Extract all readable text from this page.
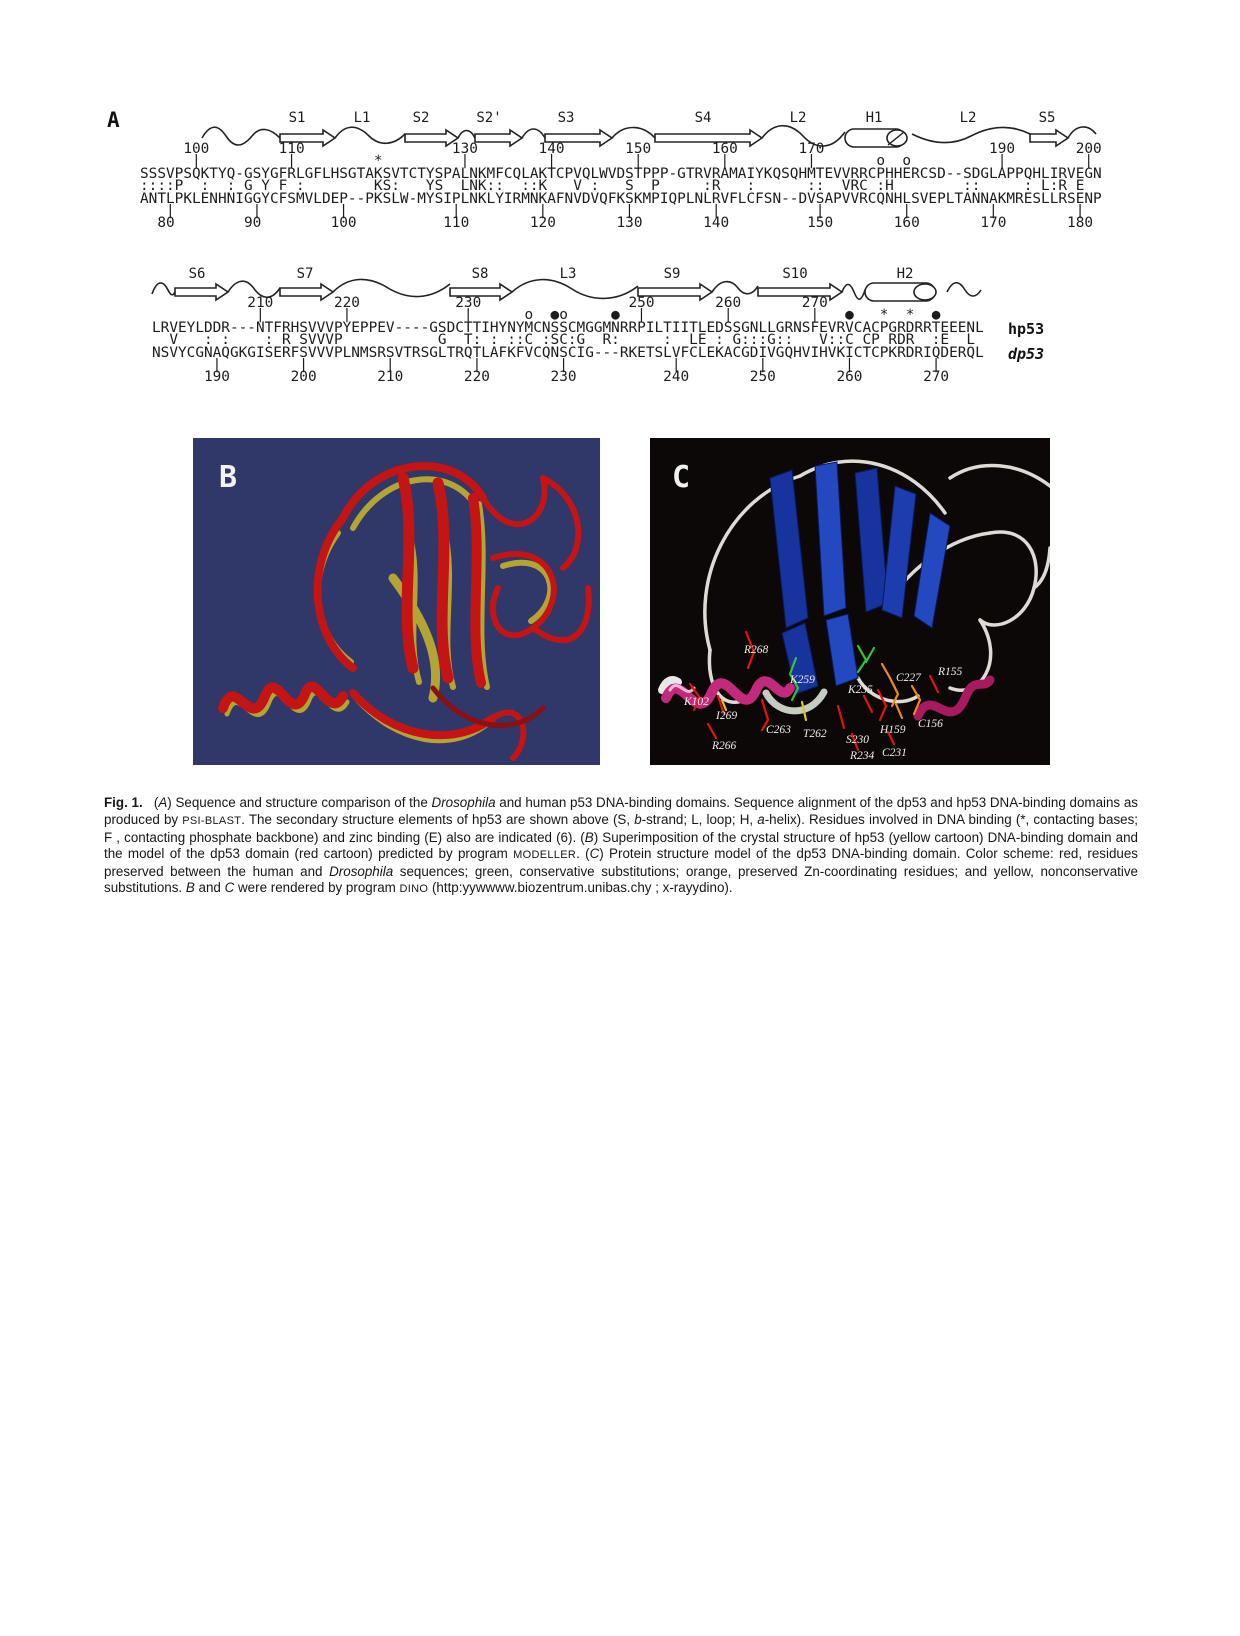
A	S1	L1	S2	S2'	S3	S4	L2	H1	L2	S5
100        110                 130       140       150       160       170                   190       200
|          |         *         |         |         |         |         |       o  o          |         |
SSSVPSQKTYQ-GSYGFRLGFLHSGTAKSVTCTYSPALNKMFCQLAKTCPVQLWVDSTPPP-GTRVRAMAIYKQSQHMTEVVRRCPHHERCSD--SDGLAPPQHLIRVEGN
::::P  :  : G Y F :        KS:   YS  LNK::  ::K   V :   S  P     :R   :      ::  VRC :H        ::     : L:R E
ANTLPKLENHNIGGYCFSMVLDEP--PKSLW-MYSIPLNKLYIRMNKAFNVDVQFKSKMPIQPLNLRVFLCFSN--DVSAPVVRCQNHLSVEPLTANNAKMRESLLRSENP
|         |         |            |         |         |         |           |         |         |         |
80        90        100          110       120       130       140         150       160       170       180
S6	S7	S8	L3	S9	S10	H2
210       220           230                 250       260       270
|         |             |      o  ●o     ●  |         |         |   ●   *  *  ●
LRVEYLDDR---NTFRHSVVVPYEPPEV----GSDCTTIHYNYMCNSSCMGGMNRRPILTIITLEDSSGNLLGRNSFEVRVCACPGRDRRTEEENL
V   : :    : R SVVVP           G  T: : ::C :SC:G  R:     :  LE : G:::G::   V::C CP RDR  :E  L
NSVYCGNAQGKGISERFSVVVPLNMSRSVTRSGLTRQTLAFKFVCQNSCIG---RKETSLVFCLEKACGDIVGQHVIHVKICTCPKRDRIQDERQL
|         |         |         |         |            |         |         |         |
190       200       210       220       230          240       250       260       270
hp53
dp53
B	C
R268
K259
K235
C227 R155
K102
I269
C263 T262 S230
H159 C156
R266
R234 C231

Fig. 1.   (A) Sequence and structure comparison of the Drosophila and human p53 DNA-binding domains. Sequence alignment of the dp53 and hp53 DNA-binding domains as produced by PSI-BLAST. The secondary structure elements of hp53 are shown above (S, b-strand; L, loop; H, a-helix). Residues involved in DNA binding (*, contacting bases; F , contacting phosphate backbone) and zinc binding (E) also are indicated (6). (B) Superimposition of the crystal structure of hp53 (yellow cartoon) DNA-binding domain and the model of the dp53 domain (red cartoon) predicted by program MODELLER. (C) Protein structure model of the dp53 DNA-binding domain. Color scheme: red, residues preserved between the human and Drosophila sequences; green, conservative substitutions; orange, preserved Zn-coordinating residues; and yellow, nonconservative substitutions. B and C were rendered by program DINO (http:yywwww.biozentrum.unibas.chy ; x-rayydino).
